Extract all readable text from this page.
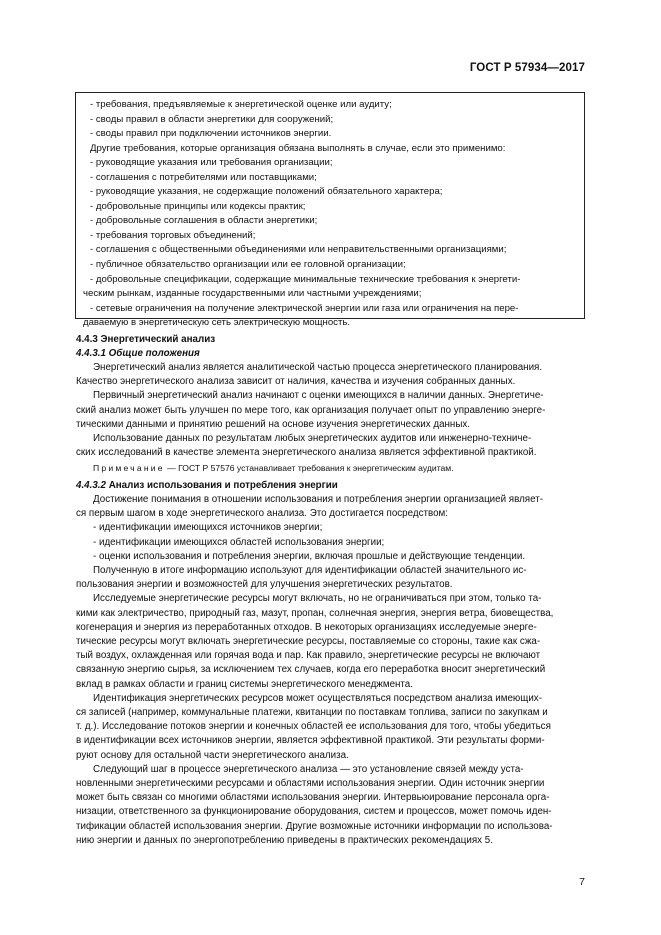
ГОСТ Р 57934—2017
- требования, предъявляемые к энергетической оценке или аудиту;
- своды правил в области энергетики для сооружений;
- своды правил при подключении источников энергии.
Другие требования, которые организация обязана выполнять в случае, если это применимо:
- руководящие указания или требования организации;
- соглашения с потребителями или поставщиками;
- руководящие указания, не содержащие положений обязательного характера;
- добровольные принципы или кодексы практик;
- добровольные соглашения в области энергетики;
- требования торговых объединений;
- соглашения с общественными объединениями или неправительственными организациями;
- публичное обязательство организации или ее головной организации;
- добровольные спецификации, содержащие минимальные технические требования к энергети-
ческим рынкам, изданные государственными или частными учреждениями;
- сетевые ограничения на получение электрической энергии или газа или ограничения на пере-
даваемую в энергетическую сеть электрическую мощность.
4.4.3 Энергетический анализ
4.4.3.1 Общие положения
Энергетический анализ является аналитической частью процесса энергетического планирования.
Качество энергетического анализа зависит от наличия, качества и изучения собранных данных.
Первичный энергетический анализ начинают с оценки имеющихся в наличии данных. Энергетиче-
ский анализ может быть улучшен по мере того, как организация получает опыт по управлению энерге-
тическими данными и принятию решений на основе изучения энергетических данных.
Использование данных по результатам любых энергетических аудитов или инженерно-техниче-
ских исследований в качестве элемента энергетического анализа является эффективной практикой.
Примечание — ГОСТ Р 57576 устанавливает требования к энергетическим аудитам.
4.4.3.2 Анализ использования и потребления энергии
Достижение понимания в отношении использования и потребления энергии организацией являет-
ся первым шагом в ходе энергетического анализа. Это достигается посредством:
- идентификации имеющихся источников энергии;
- идентификации имеющихся областей использования энергии;
- оценки использования и потребления энергии, включая прошлые и действующие тенденции.
Полученную в итоге информацию используют для идентификации областей значительного ис-
пользования энергии и возможностей для улучшения энергетических результатов.
Исследуемые энергетические ресурсы могут включать, но не ограничиваться при этом, только та-
кими как электричество, природный газ, мазут, пропан, солнечная энергия, энергия ветра, биовещества,
когенерация и энергия из переработанных отходов. В некоторых организациях исследуемые энерге-
тические ресурсы могут включать энергетические ресурсы, поставляемые со стороны, такие как сжа-
тый воздух, охлажденная или горячая вода и пар. Как правило, энергетические ресурсы не включают
связанную энергию сырья, за исключением тех случаев, когда его переработка вносит энергетический
вклад в рамках области и границ системы энергетического менеджмента.
Идентификация энергетических ресурсов может осуществляться посредством анализа имеющих-
ся записей (например, коммунальные платежи, квитанции по поставкам топлива, записи по закупкам и
т. д.). Исследование потоков энергии и конечных областей ее использования для того, чтобы убедиться
в идентификации всех источников энергии, является эффективной практикой. Эти результаты форми-
руют основу для остальной части энергетического анализа.
Следующий шаг в процессе энергетического анализа — это установление связей между уста-
новленными энергетическими ресурсами и областями использования энергии. Один источник энергии
может быть связан со многими областями использования энергии. Интервьюирование персонала орга-
низации, ответственного за функционирование оборудования, систем и процессов, может помочь иден-
тификации областей использования энергии. Другие возможные источники информации по использова-
нию энергии и данных по энергопотреблению приведены в практических рекомендациях 5.
7
